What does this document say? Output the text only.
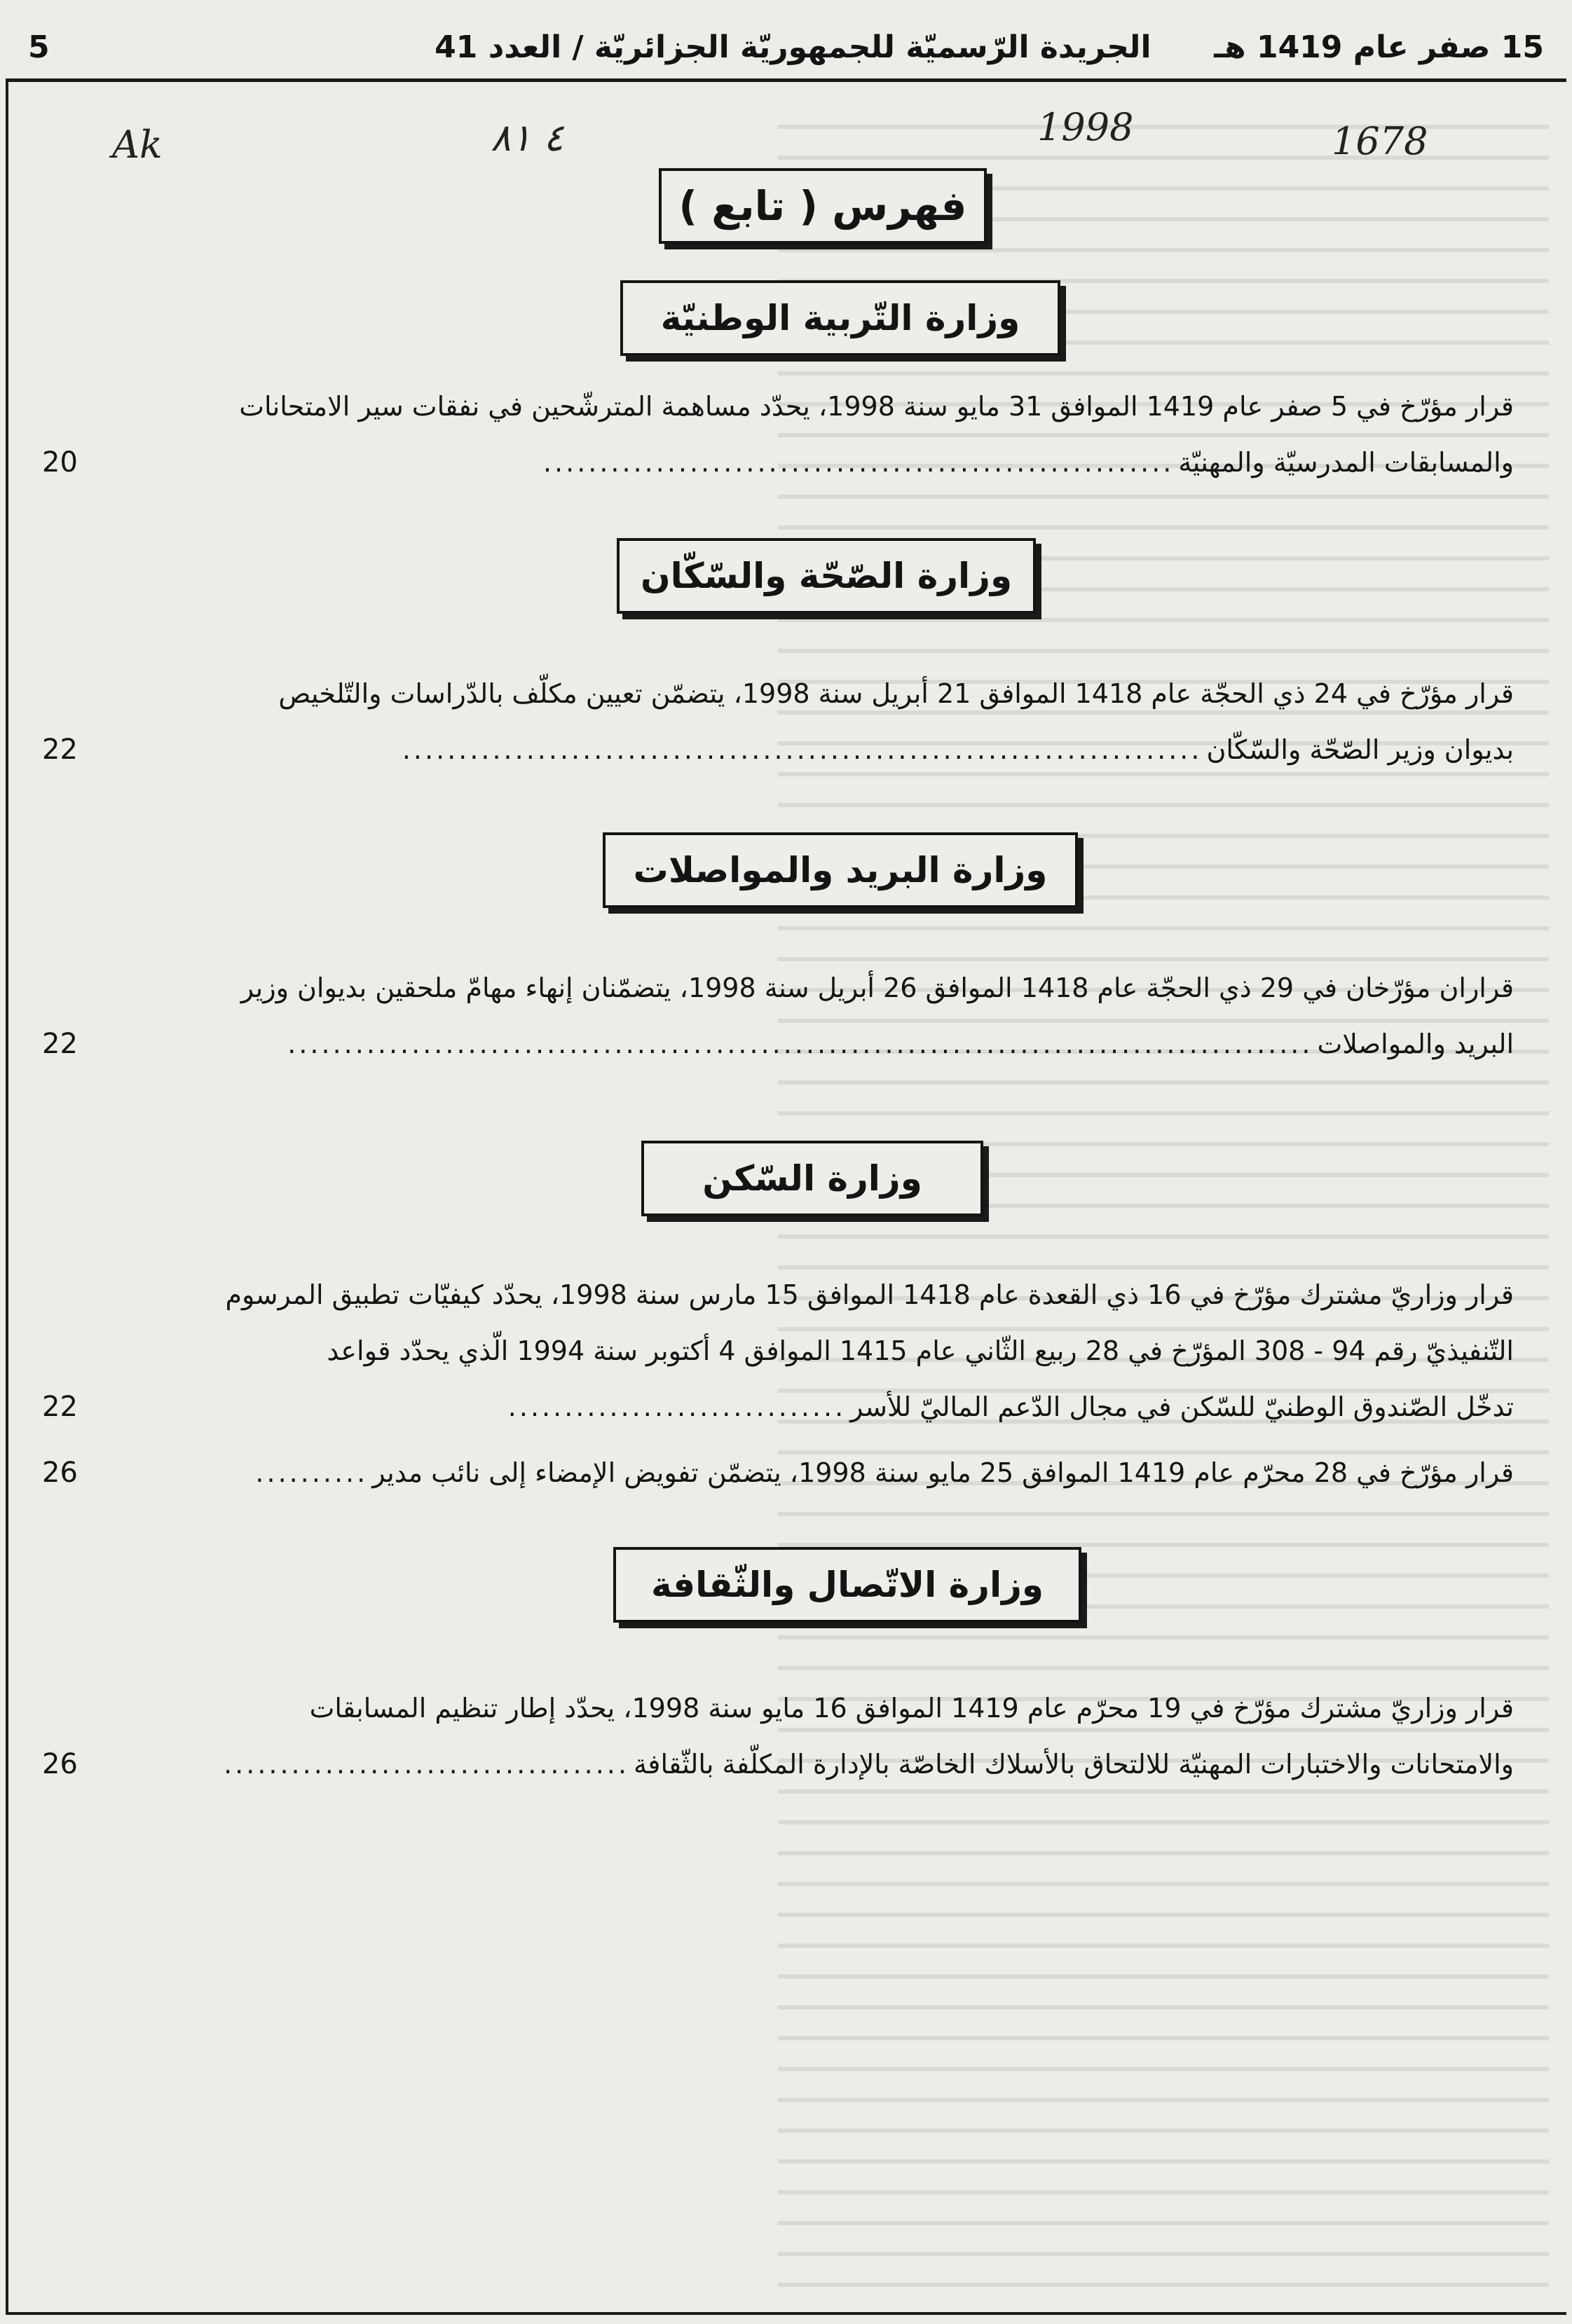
15 صفر عام 1419 هـ
الجريدة الرّسميّة للجمهوريّة الجزائريّة / العدد 41
5
Ak	٤ ٨١	1998	1678
فهرس ( تابع )
وزارة التّربية الوطنيّة
قرار مؤرّخ في 5 صفر عام 1419 الموافق 31 مايو سنة 1998، يحدّد مساهمة المترشّحين في نفقات سير الامتحانات
والمسابقات المدرسيّة والمهنيّة
........................................................
20
وزارة الصّحّة والسّكّان
قرار مؤرّخ في 24 ذي الحجّة عام 1418 الموافق 21 أبريل سنة 1998، يتضمّن تعيين مكلّف بالدّراسات والتّلخيص
بديوان وزير الصّحّة والسّكّان
.......................................................................
22
وزارة البريد والمواصلات
قراران مؤرّخان في 29 ذي الحجّة عام 1418 الموافق 26 أبريل سنة 1998، يتضمّنان إنهاء مهامّ ملحقين بديوان وزير
البريد والمواصلات
...........................................................................................
22
وزارة السّكن
قرار وزاريّ مشترك مؤرّخ في 16 ذي القعدة عام 1418 الموافق 15 مارس سنة 1998، يحدّد كيفيّات تطبيق المرسوم
التّنفيذيّ رقم 94 - 308 المؤرّخ في 28 ربيع الثّاني عام 1415 الموافق 4 أكتوبر سنة 1994 الّذي يحدّد قواعد
تدخّل الصّندوق الوطنيّ للسّكن في مجال الدّعم الماليّ للأسر
..............................
22
قرار مؤرّخ في 28 محرّم عام 1419 الموافق 25 مايو سنة 1998، يتضمّن تفويض الإمضاء إلى نائب مدير
..........
26
وزارة الاتّصال والثّقافة
قرار وزاريّ مشترك مؤرّخ في 19 محرّم عام 1419 الموافق 16 مايو سنة 1998، يحدّد إطار تنظيم المسابقات
والامتحانات والاختبارات المهنيّة للالتحاق بالأسلاك الخاصّة بالإدارة المكلّفة بالثّقافة
....................................
26
